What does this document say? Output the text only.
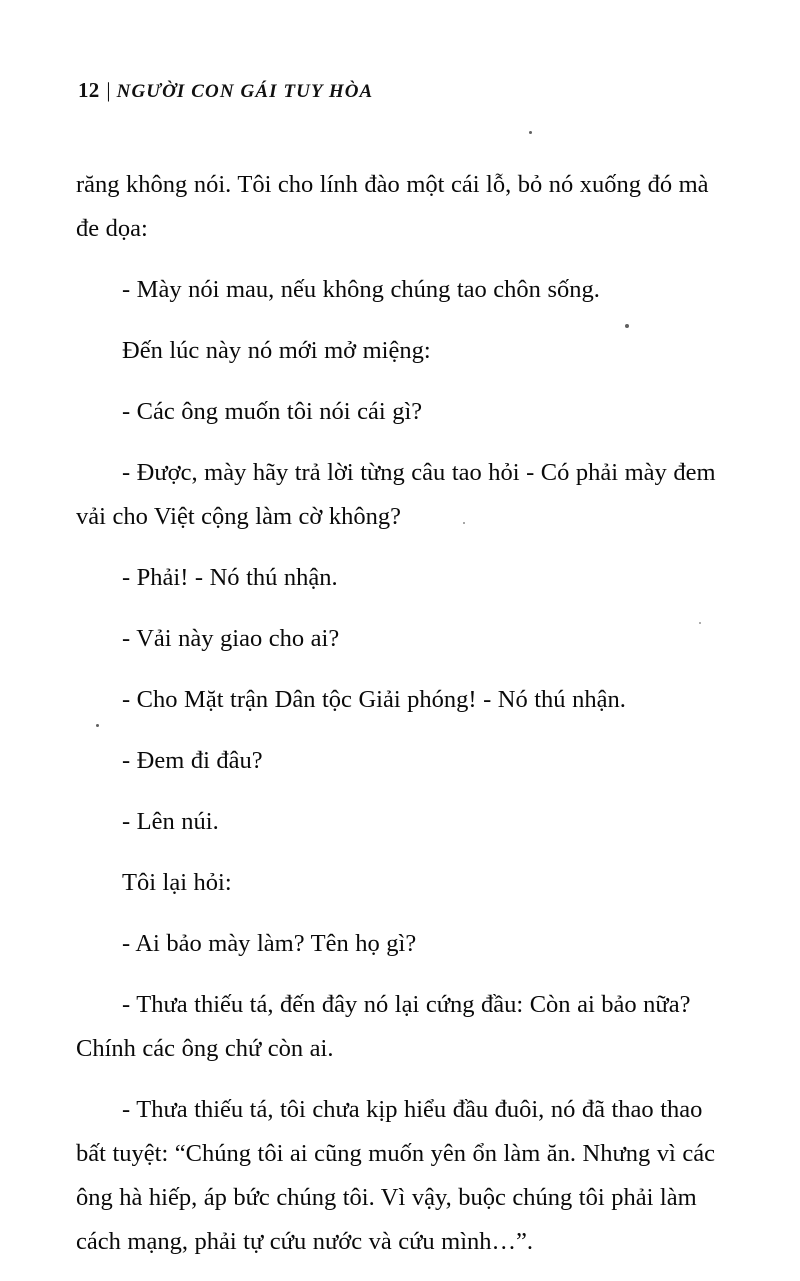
12 | NGƯỜI CON GÁI TUY HÒA

răng không nói. Tôi cho lính đào một cái lỗ, bỏ nó xuống đó mà đe dọa:

- Mày nói mau, nếu không chúng tao chôn sống.

Đến lúc này nó mới mở miệng:

- Các ông muốn tôi nói cái gì?

- Được, mày hãy trả lời từng câu tao hỏi - Có phải mày đem vải cho Việt cộng làm cờ không?

- Phải! - Nó thú nhận.

- Vải này giao cho ai?

- Cho Mặt trận Dân tộc Giải phóng! - Nó thú nhận.

- Đem đi đâu?

- Lên núi.

Tôi lại hỏi:

- Ai bảo mày làm? Tên họ gì?

- Thưa thiếu tá, đến đây nó lại cứng đầu: Còn ai bảo nữa? Chính các ông chứ còn ai.

- Thưa thiếu tá, tôi chưa kịp hiểu đầu đuôi, nó đã thao thao bất tuyệt: “Chúng tôi ai cũng muốn yên ổn làm ăn. Nhưng vì các ông hà hiếp, áp bức chúng tôi. Vì vậy, buộc chúng tôi phải làm cách mạng, phải tự cứu nước và cứu mình…”.
